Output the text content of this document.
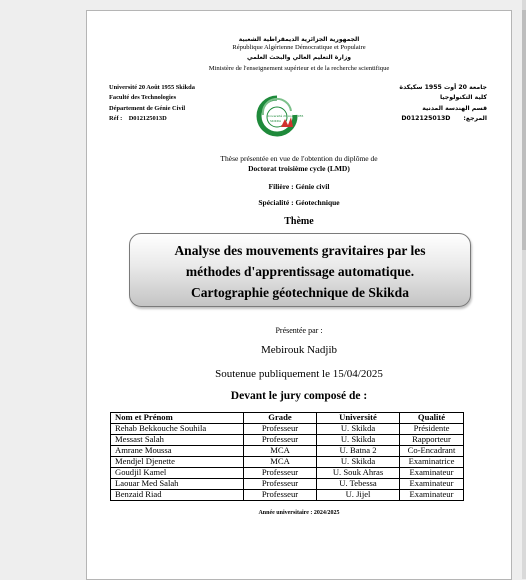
الجمهورية الجزائرية الديمقراطية الشعبية
République Algérienne Démocratique et Populaire
وزارة التعليم العالي والبحث العلمي
Ministère de l'enseignement supérieur et de la recherche scientifique
Université 20 Août 1955 Skikda
Faculté des Technologies
Département de Génie Civil
Réf :    D012125013D
جامعة 20 أوت 1955 سكيكدة
كلية التكنولوجيا
قسم الهندسة المدنية
المرجع:      D012125013D
Université 20 Août 1955
SKIKDA
Thèse présentée en vue de l'obtention du diplôme de
Doctorat troisième cycle (LMD)
Filière : Génie civil
Spécialité : Géotechnique
Thème
Analyse des mouvements gravitaires par les
méthodes d'apprentissage automatique.
Cartographie géotechnique de Skikda
Présentée par :
Mebirouk Nadjib
Soutenue publiquement le 15/04/2025
Devant le jury composé de :
Nom et Prénom	Grade	Université	Qualité
Rehab Bekkouche Souhila	Professeur	U. Skikda	Présidente
Messast Salah	Professeur	U. Skikda	Rapporteur
Amrane Moussa	MCA	U. Batna 2	Co-Encadrant
Mendjel Djenette	MCA	U. Skikda	Examinatrice
Goudjil Kamel	Professeur	U. Souk Ahras	Examinateur
Laouar Med Salah	Professeur	U. Tebessa	Examinateur
Benzaid Riad	Professeur	U. Jijel	Examinateur
Année universitaire : 2024/2025
